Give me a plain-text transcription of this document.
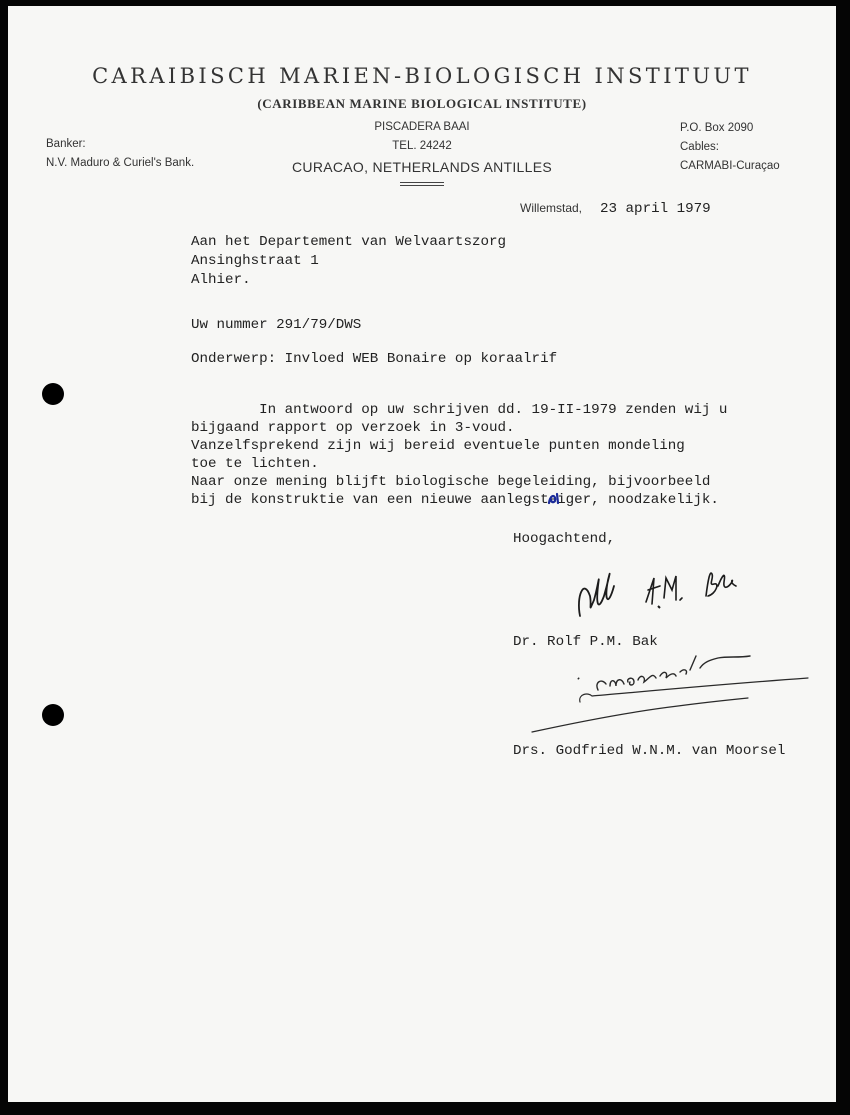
CARAIBISCH MARIEN-BIOLOGISCH INSTITUUT
(CARIBBEAN MARINE BIOLOGICAL INSTITUTE)
Banker:
N.V. Maduro & Curiel's Bank.
PISCADERA BAAI
TEL. 24242
CURACAO, NETHERLANDS ANTILLES
P.O. Box 2090
Cables:
CARMABI-Curaçao
Willemstad, 23 april 1979
Aan het Departement van Welvaartszorg
Ansinghstraat 1
Alhier.
Uw nummer 291/79/DWS
Onderwerp: Invloed WEB Bonaire op koraalrif
In antwoord op uw schrijven dd. 19-II-1979 zenden wij u
bijgaand rapport op verzoek in 3-voud.
Vanzelfsprekend zijn wij bereid eventuele punten mondeling
toe te lichten.
Naar onze mening blijft biologische begeleiding, bijvoorbeeld
bij de konstruktie van een nieuwe aanlegsteiger, noodzakelijk.
Hoogachtend,
Dr. Rolf P.M. Bak
Drs. Godfried W.N.M. van Moorsel
